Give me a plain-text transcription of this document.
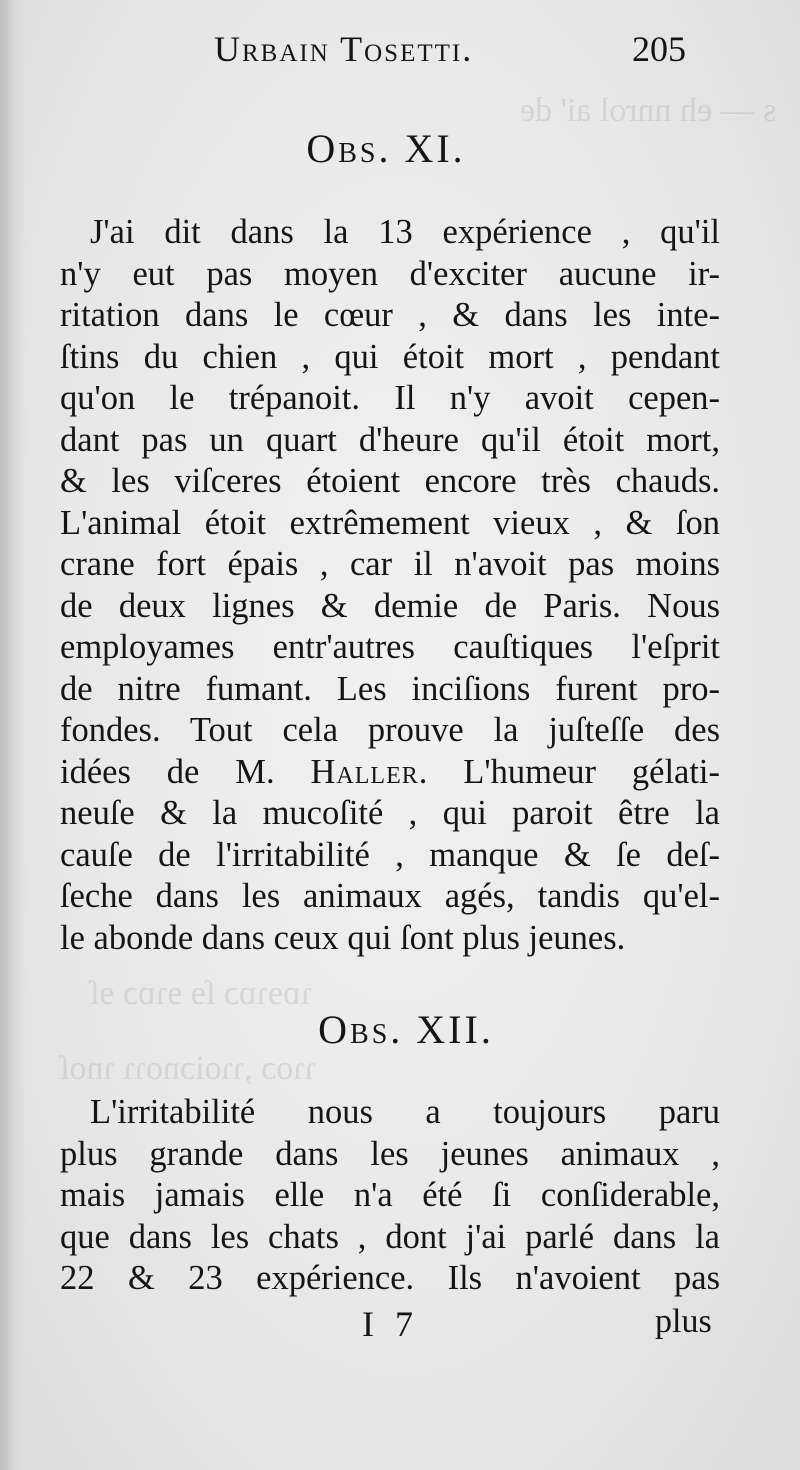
s — eh nnrol ai' de
ɿɒɘɿɒɔ ſɘ ɘɿɒɔ ɘſ
ɿɿoɔ ,ɿɿoiɔnoɿɿ ɿnoſ
Urbain Tosetti.	205
Obs. XI.

J'ai dit dans la 13 expérience , qu'il
n'y eut pas moyen d'exciter aucune ir-
ritation dans le cœur , & dans les inte-
ſtins du chien , qui étoit mort , pendant
qu'on le trépanoit. Il n'y avoit cepen-
dant pas un quart d'heure qu'il étoit mort,
& les viſceres étoient encore très chauds.
L'animal étoit extrêmement vieux , & ſon
crane fort épais , car il n'avoit pas moins
de deux lignes & demie de Paris. Nous
employames entr'autres cauſtiques l'eſprit
de nitre fumant. Les inciſions furent pro-
fondes. Tout cela prouve la juſteſſe des
idées de M. Haller. L'humeur gélati-
neuſe & la mucoſité , qui paroit être la
cauſe de l'irritabilité , manque & ſe deſ-
ſeche dans les animaux agés, tandis qu'el-
le abonde dans ceux qui ſont plus jeunes.

Obs. XII.

L'irritabilité nous a toujours paru
plus grande dans les jeunes animaux ,
mais jamais elle n'a été ſi conſiderable,
que dans les chats , dont j'ai parlé dans la
22 & 23 expérience. Ils n'avoient pas

I 7	plus
